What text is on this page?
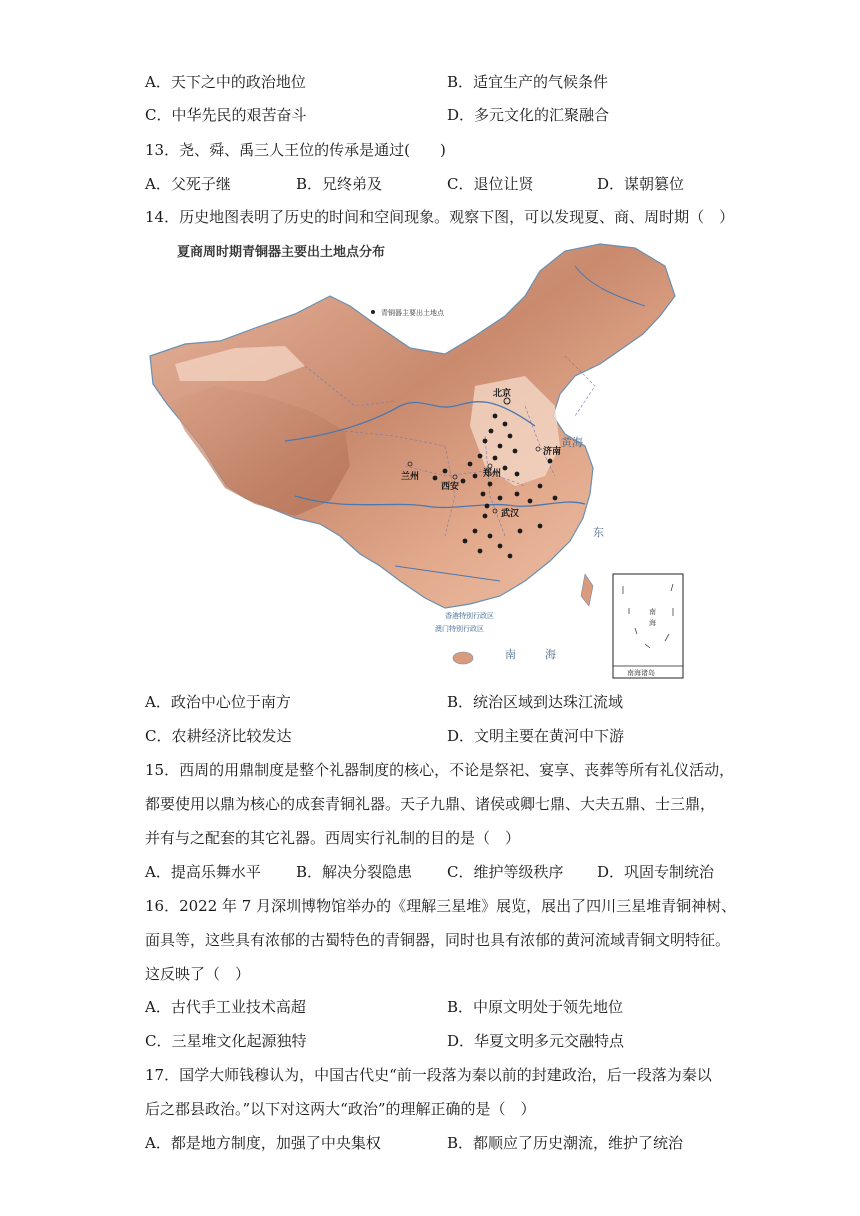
A．天下之中的政治地位	B．适宜生产的气候条件
C．中华先民的艰苦奋斗	D．多元文化的汇聚融合
13．尧、舜、禹三人王位的传承是通过(　　)
A．父死子继	B．兄终弟及	C．退位让贤	D．谋朝篡位
14．历史地图表明了历史的时间和空间现象。观察下图，可以发现夏、商、周时期（　）
夏商周时期青铜器主要出土地点分布
青铜器主要出土地点
黄海
东
南	海
北京
兰州
西安
济南
郑州
武汉
香港特别行政区
澳门特别行政区
南
海
南海诸岛
A．政治中心位于南方	B．统治区域到达珠江流域
C．农耕经济比较发达	D．文明主要在黄河中下游
15．西周的用鼎制度是整个礼器制度的核心，不论是祭祀、宴享、丧葬等所有礼仪活动，
都要使用以鼎为核心的成套青铜礼器。天子九鼎、诸侯或卿七鼎、大夫五鼎、士三鼎，
并有与之配套的其它礼器。西周实行礼制的目的是（　）
A．提高乐舞水平 B．解决分裂隐患 C．维护等级秩序 D．巩固专制统治
16．2022 年 7 月深圳博物馆举办的《理解三星堆》展览，展出了四川三星堆青铜神树、
面具等，这些具有浓郁的古蜀特色的青铜器，同时也具有浓郁的黄河流域青铜文明特征。
这反映了（　）
A．古代手工业技术高超	B．中原文明处于领先地位
C．三星堆文化起源独特	D．华夏文明多元交融特点
17．国学大师钱穆认为，中国古代史“前一段落为秦以前的封建政治，后一段落为秦以
后之郡县政治。”以下对这两大“政治”的理解正确的是（　）
A．都是地方制度，加强了中央集权	B．都顺应了历史潮流，维护了统治
